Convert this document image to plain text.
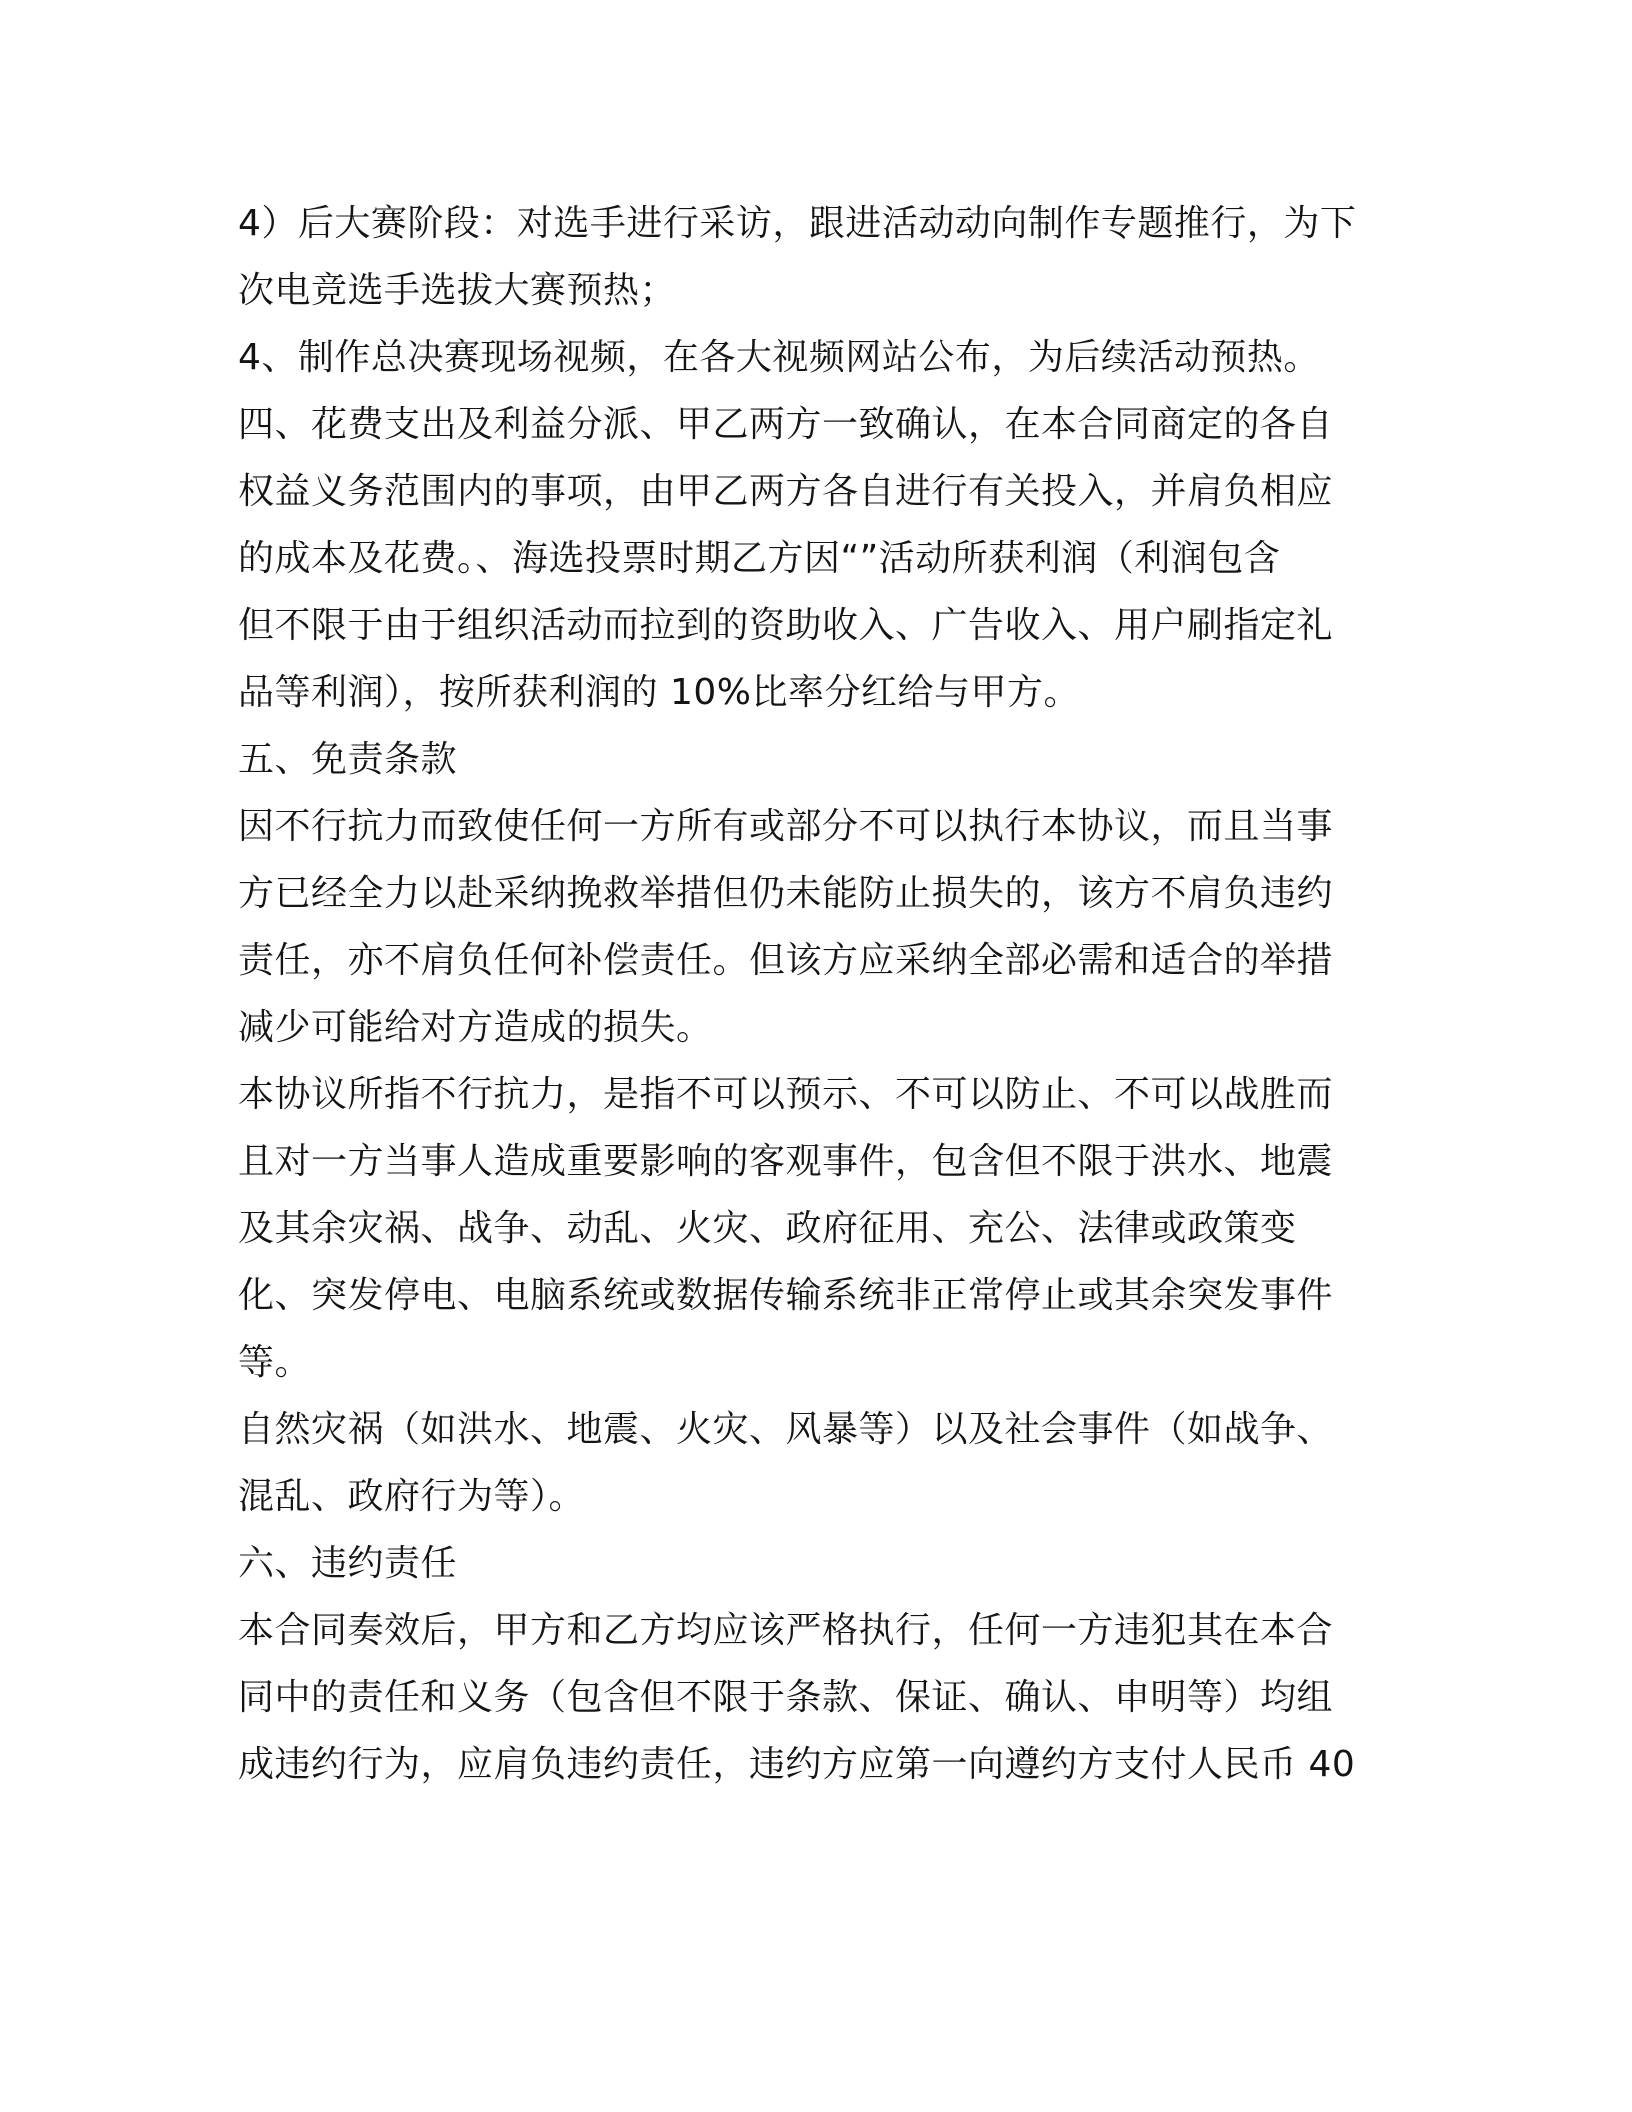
4）后大赛阶段：对选手进行采访，跟进活动动向制作专题推行，为下
次电竞选手选拔大赛预热；
4、制作总决赛现场视频，在各大视频网站公布，为后续活动预热。
四、花费支出及利益分派、甲乙两方一致确认，在本合同商定的各自
权益义务范围内的事项，由甲乙两方各自进行有关投入，并肩负相应
的成本及花费。、海选投票时期乙方因“”活动所获利润（利润包含
但不限于由于组织活动而拉到的资助收入、广告收入、用户刷指定礼
品等利润），按所获利润的 10%比率分红给与甲方。
五、免责条款
因不行抗力而致使任何一方所有或部分不可以执行本协议，而且当事
方已经全力以赴采纳挽救举措但仍未能防止损失的，该方不肩负违约
责任，亦不肩负任何补偿责任。但该方应采纳全部必需和适合的举措
减少可能给对方造成的损失。
本协议所指不行抗力，是指不可以预示、不可以防止、不可以战胜而
且对一方当事人造成重要影响的客观事件，包含但不限于洪水、地震
及其余灾祸、战争、动乱、火灾、政府征用、充公、法律或政策变
化、突发停电、电脑系统或数据传输系统非正常停止或其余突发事件
等。
自然灾祸（如洪水、地震、火灾、风暴等）以及社会事件（如战争、
混乱、政府行为等）。
六、违约责任
本合同奏效后，甲方和乙方均应该严格执行，任何一方违犯其在本合
同中的责任和义务（包含但不限于条款、保证、确认、申明等）均组
成违约行为，应肩负违约责任，违约方应第一向遵约方支付人民币 40
